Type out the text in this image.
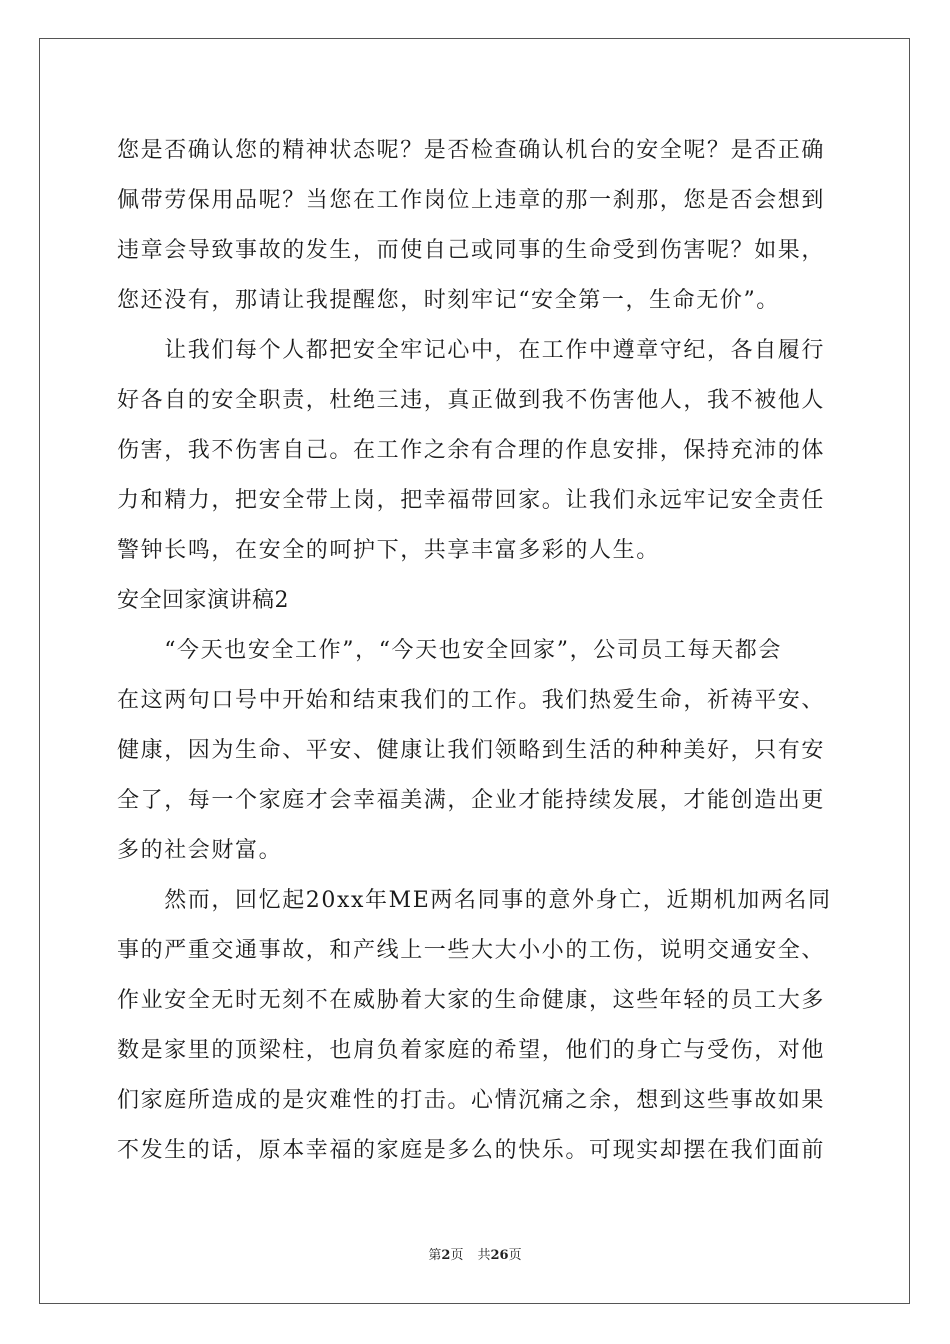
您是否确认您的精神状态呢？是否检查确认机台的安全呢？是否正确
佩带劳保用品呢？当您在工作岗位上违章的那一刹那，您是否会想到
违章会导致事故的发生，而使自己或同事的生命受到伤害呢？如果，
您还没有，那请让我提醒您，时刻牢记“安全第一，生命无价”。
　　让我们每个人都把安全牢记心中，在工作中遵章守纪，各自履行
好各自的安全职责，杜绝三违，真正做到我不伤害他人，我不被他人
伤害，我不伤害自己。在工作之余有合理的作息安排，保持充沛的体
力和精力，把安全带上岗，把幸福带回家。让我们永远牢记安全责任
警钟长鸣，在安全的呵护下，共享丰富多彩的人生。
安全回家演讲稿2
　　“今天也安全工作”，“今天也安全回家”，公司员工每天都会
在这两句口号中开始和结束我们的工作。我们热爱生命，祈祷平安、
健康，因为生命、平安、健康让我们领略到生活的种种美好，只有安
全了，每一个家庭才会幸福美满，企业才能持续发展，才能创造出更
多的社会财富。
　　然而，回忆起20xx年ME两名同事的意外身亡，近期机加两名同
事的严重交通事故，和产线上一些大大小小的工伤，说明交通安全、
作业安全无时无刻不在威胁着大家的生命健康，这些年轻的员工大多
数是家里的顶梁柱，也肩负着家庭的希望，他们的身亡与受伤，对他
们家庭所造成的是灾难性的打击。心情沉痛之余，想到这些事故如果
不发生的话，原本幸福的家庭是多么的快乐。可现实却摆在我们面前
第2页 共26页
